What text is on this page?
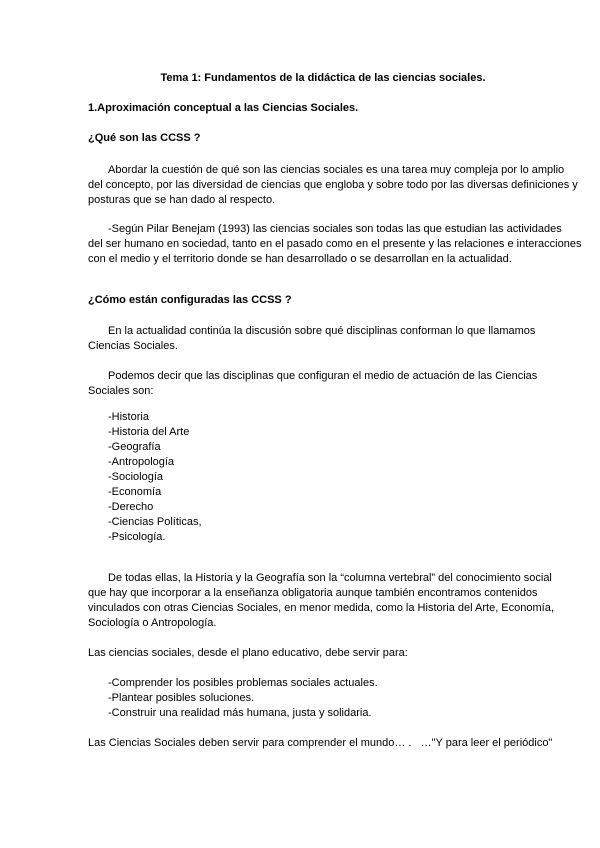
Tema 1: Fundamentos de la didáctica de las ciencias sociales.
1.Aproximación conceptual a las Ciencias Sociales.
¿Qué son las CCSS ?
Abordar la cuestión de qué son las ciencias sociales es una tarea muy compleja por lo amplio
del concepto, por las diversidad de ciencias que engloba y sobre todo por las diversas definiciones y
posturas que se han dado al respecto.
-Según Pilar Benejam (1993) las ciencias sociales son todas las que estudian las actividades
del ser humano en sociedad, tanto en el pasado como en el presente y las relaciones e interacciones
con el medio y el territorio donde se han desarrollado o se desarrollan en la actualidad.
¿Cómo están configuradas las CCSS ?
En la actualidad continúa la discusión sobre qué disciplinas conforman lo que llamamos
Ciencias Sociales.
Podemos decir que las disciplinas que configuran el medio de actuación de las Ciencias
Sociales son:
-Historia
-Historia del Arte
-Geografía
-Antropología
-Sociología
-Economía
-Derecho
-Ciencias Políticas,
-Psicología.
De todas ellas, la Historia y la Geografía son la “columna vertebral” del conocimiento social
que hay que incorporar a la enseñanza obligatoria aunque también encontramos contenidos
vinculados con otras Ciencias Sociales, en menor medida, como la Historia del Arte, Economía,
Sociología o Antropología.
Las ciencias sociales, desde el plano educativo, debe servir para:
-Comprender los posibles problemas sociales actuales.
-Plantear posibles soluciones.
-Construir una realidad más humana, justa y solidaria.
Las Ciencias Sociales deben servir para comprender el mundo… .   …"Y para leer el periódico"
